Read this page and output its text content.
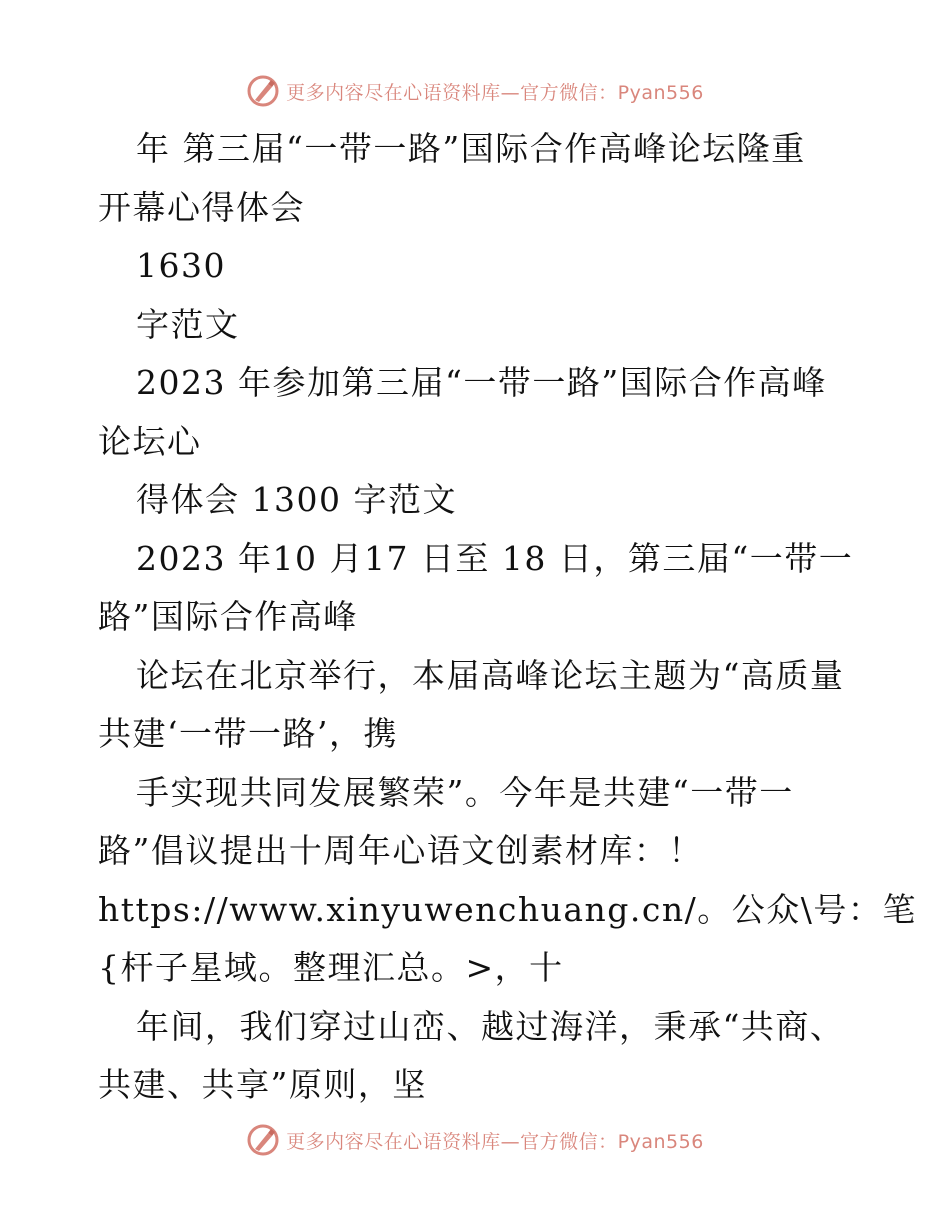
更多内容尽在心语资料库—官方微信：Pyan556
年 第三届“一带一路”国际合作高峰论坛隆重
开幕心得体会
1630
字范文
2023 年参加第三届“一带一路”国际合作高峰
论坛心
得体会 1300 字范文
2023 年10 月17 日至 18 日，第三届“一带一
路”国际合作高峰
论坛在北京举行，本届高峰论坛主题为“高质量
共建‘一带一路’，携
手实现共同发展繁荣”。今年是共建“一带一
路”倡议提出十周年心语文创素材库：！
https://www.xinyuwenchuang.cn/。公众\号：笔
{杆子星域。整理汇总。>，十
年间，我们穿过山峦、越过海洋，秉承“共商、
共建、共享”原则，坚
更多内容尽在心语资料库—官方微信：Pyan556
